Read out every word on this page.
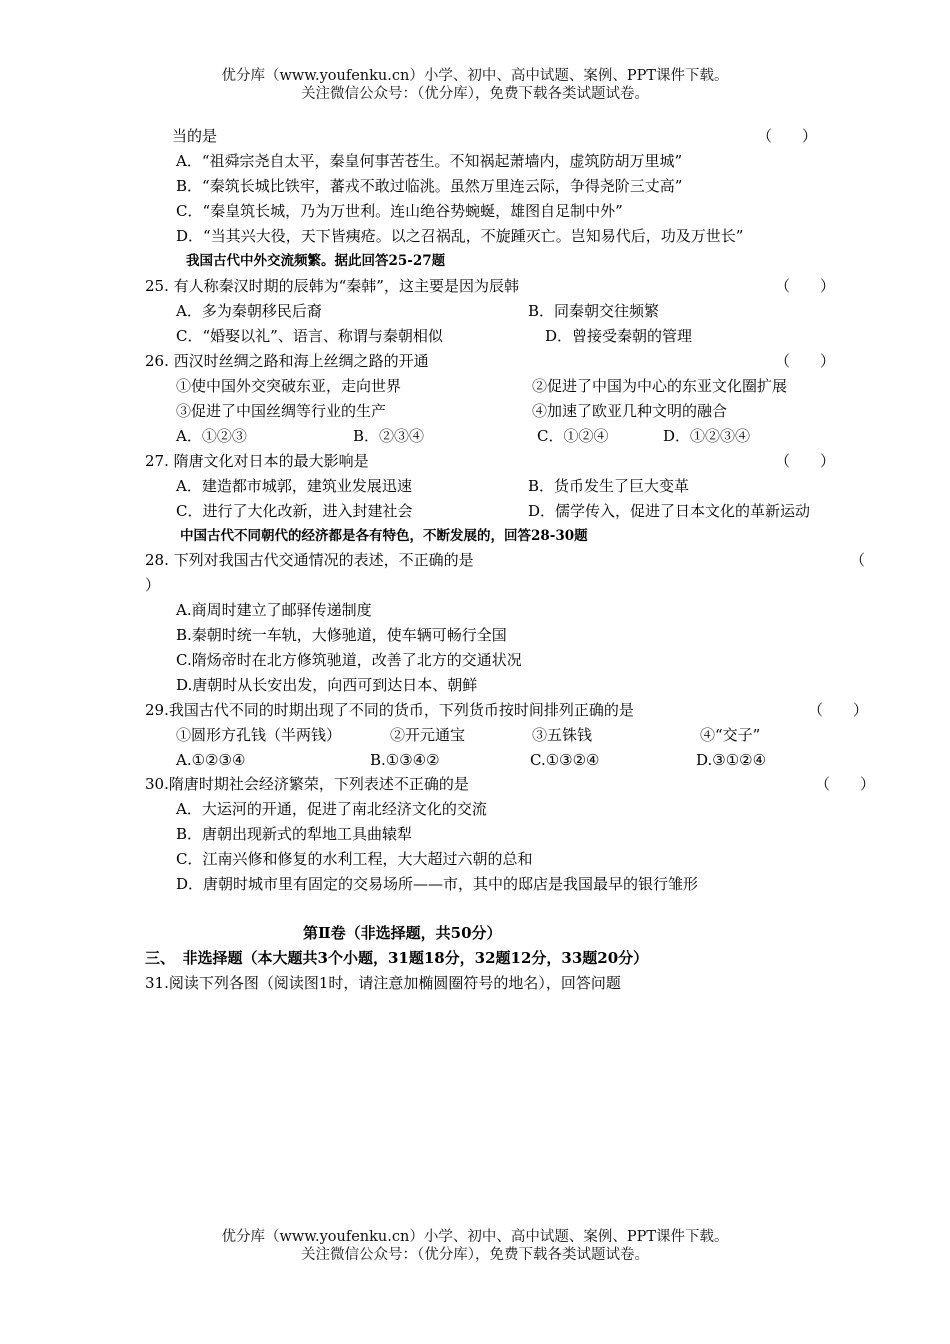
优分库（www.youfenku.cn）小学、初中、高中试题、案例、PPT课件下载。
关注微信公众号：（优分库），免费下载各类试题试卷。
当的是	（　　）
A．“祖舜宗尧自太平，秦皇何事苦苍生。不知祸起萧墙内，虚筑防胡万里城”
B．“秦筑长城比铁牢，蕃戎不敢过临洮。虽然万里连云际，争得尧阶三丈高”
C．“秦皇筑长城，乃为万世利。连山绝谷势蜿蜒，雄图自足制中外”
D．“当其兴大役，天下皆痍疮。以之召祸乱，不旋踵灭亡。岂知易代后，功及万世长”
我国古代中外交流频繁。据此回答25-27题
25. 有人称秦汉时期的辰韩为“秦韩”，这主要是因为辰韩	（　　）
A．多为秦朝移民后裔	B．同秦朝交往频繁
C．“婚娶以礼”、语言、称谓与秦朝相似	D．曾接受秦朝的管理
26. 西汉时丝绸之路和海上丝绸之路的开通	（　　）
①使中国外交突破东亚，走向世界	②促进了中国为中心的东亚文化圈扩展
③促进了中国丝绸等行业的生产	④加速了欧亚几种文明的融合
A．①②③	B．②③④	C．①②④	D．①②③④
27. 隋唐文化对日本的最大影响是	（　　）
A．建造都市城郭，建筑业发展迅速	B．货币发生了巨大变革
C．进行了大化改新，进入封建社会	D．儒学传入，促进了日本文化的革新运动
中国古代不同朝代的经济都是各有特色，不断发展的，回答28-30题
28. 下列对我国古代交通情况的表述，不正确的是	（
）
A.商周时建立了邮驿传递制度
B.秦朝时统一车轨，大修驰道，使车辆可畅行全国
C.隋炀帝时在北方修筑驰道，改善了北方的交通状况
D.唐朝时从长安出发，向西可到达日本、朝鲜
29.我国古代不同的时期出现了不同的货币，下列货币按时间排列正确的是	（　　）
①圆形方孔钱（半两钱）	②开元通宝	③五铢钱	④“交子”
A.①②③④	B.①③④②	C.①③②④	D.③①②④
30.隋唐时期社会经济繁荣，下列表述不正确的是	（　　）
A．大运河的开通，促进了南北经济文化的交流
B．唐朝出现新式的犁地工具曲辕犁
C．江南兴修和修复的水利工程，大大超过六朝的总和
D．唐朝时城市里有固定的交易场所——市，其中的邸店是我国最早的银行雏形
第Ⅱ卷（非选择题，共50分）
三、　非选择题（本大题共3个小题，31题18分，32题12分，33题20分）
31.阅读下列各图（阅读图1时，请注意加椭圆圈符号的地名），回答问题
优分库（www.youfenku.cn）小学、初中、高中试题、案例、PPT课件下载。
关注微信公众号：（优分库），免费下载各类试题试卷。
